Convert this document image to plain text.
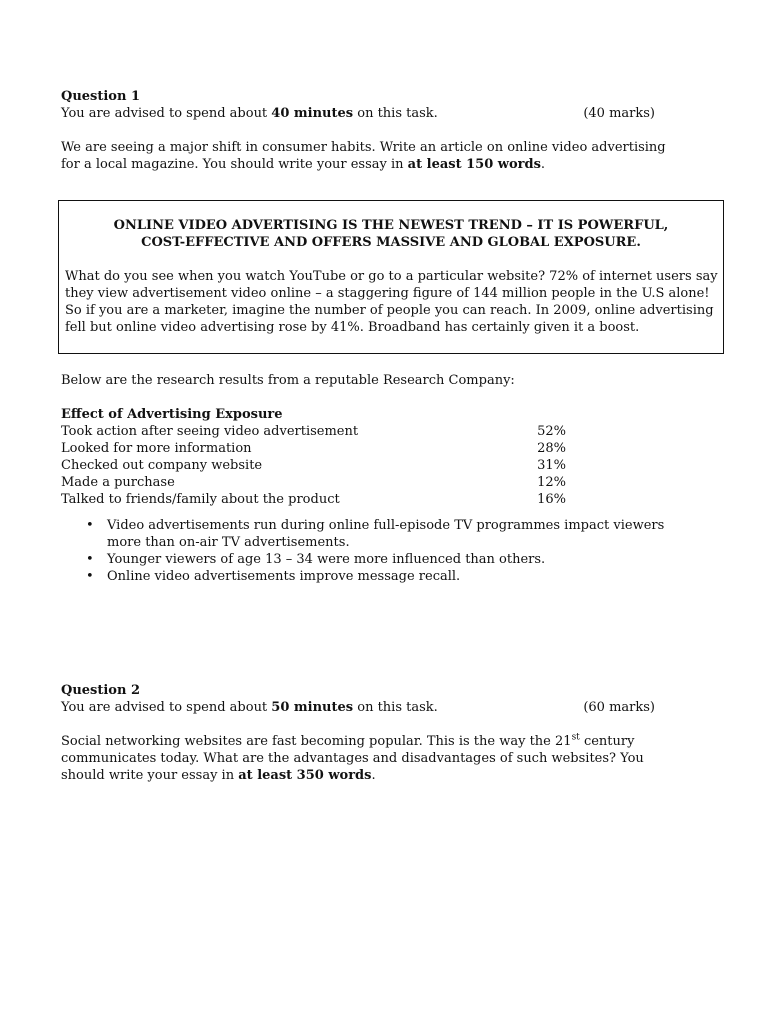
Question 1
You are advised to spend about 40 minutes on this task.	(40 marks)
We are seeing a major shift in consumer habits. Write an article on online video advertising
for a local magazine. You should write your essay in at least 150 words.
ONLINE VIDEO ADVERTISING IS THE NEWEST TREND – IT IS POWERFUL,
COST-EFFECTIVE AND OFFERS MASSIVE AND GLOBAL EXPOSURE.
What do you see when you watch YouTube or go to a particular website? 72% of internet users say
they view advertisement video online – a staggering figure of 144 million people in the U.S alone!
So if you are a marketer, imagine the number of people you can reach. In 2009, online advertising
fell but online video advertising rose by 41%. Broadband has certainly given it a boost.
Below are the research results from a reputable Research Company:
Effect of Advertising Exposure
Took action after seeing video advertisement	52%
Looked for more information	28%
Checked out company website	31%
Made a purchase	12%
Talked to friends/family about the product	16%
• Video advertisements run during online full-episode TV programmes impact viewers
more than on-air TV advertisements.
• Younger viewers of age 13 – 34 were more influenced than others.
• Online video advertisements improve message recall.
Question 2
You are advised to spend about 50 minutes on this task.	(60 marks)
Social networking websites are fast becoming popular. This is the way the 21st century
communicates today. What are the advantages and disadvantages of such websites? You
should write your essay in at least 350 words.
